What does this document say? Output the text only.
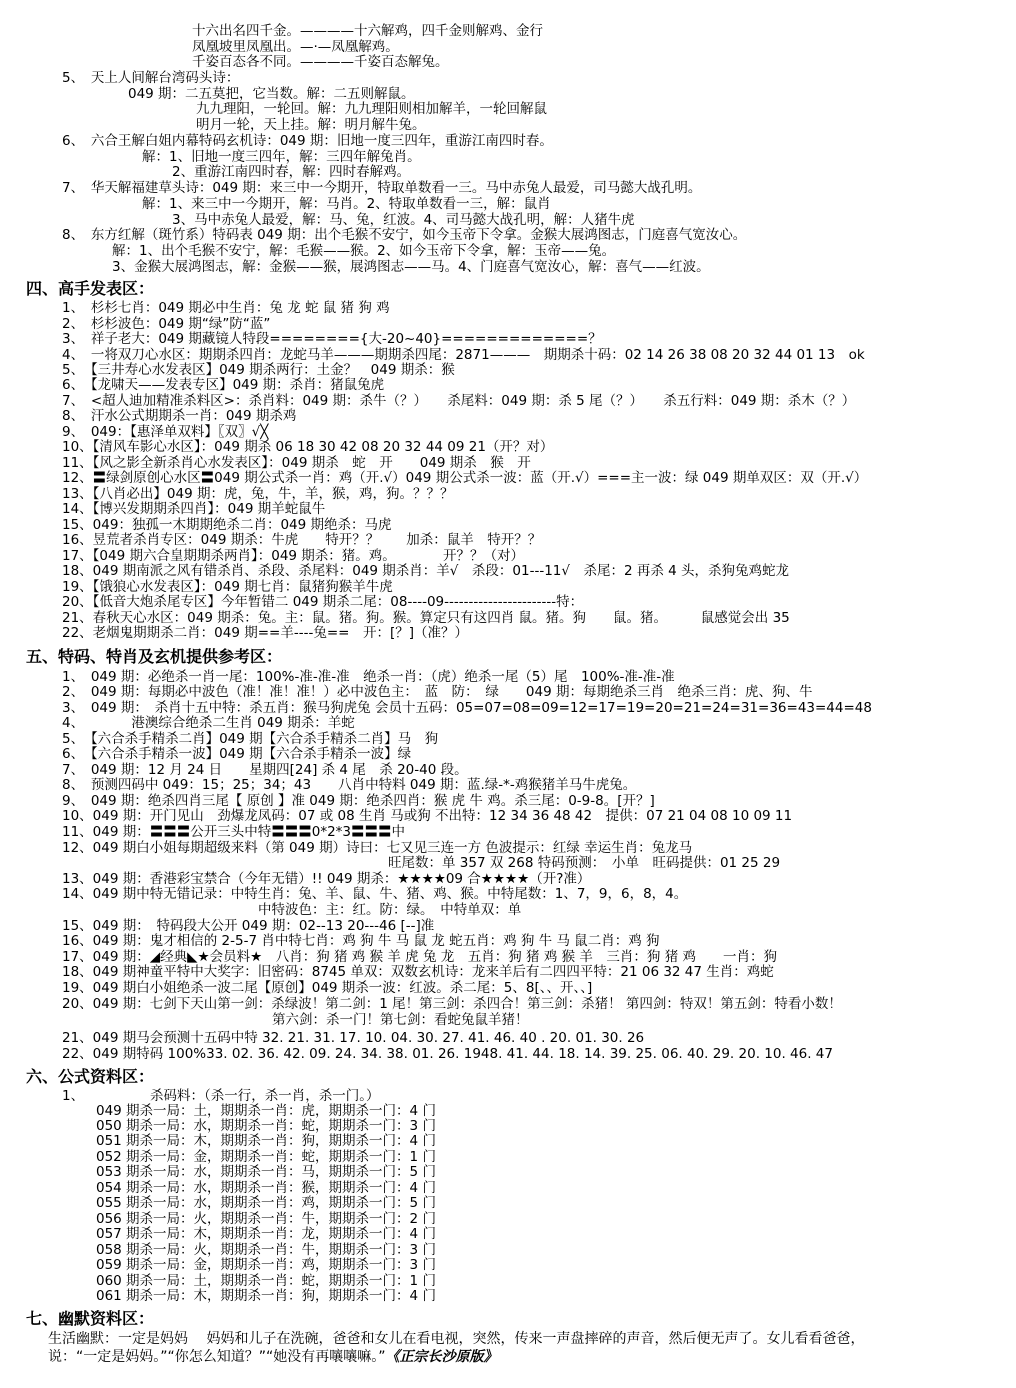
十六出名四千金。————十六解鸡，四千金则解鸡、金行
凤凰坡里凤凰出。—·—凤凰解鸡。
千姿百态各不同。————千姿百态解兔。
5、　天上人间解台湾码头诗：
049 期：二五莫把，它当数。解：二五则解鼠。
九九理阳，一轮回。解：九九理阳则相加解羊，一轮回解鼠
明月一轮，天上挂。解：明月解牛兔。
6、　六合王解白姐内幕特码玄机诗：049 期：旧地一度三四年，重游江南四时春。
解：1、旧地一度三四年，解：三四年解兔肖。
2、重游江南四时春，解：四时春解鸡。
7、　华天解福建草头诗：049 期：来三中一今期开，特取单数看一三。马中赤兔人最爱，司马懿大战孔明。
解：1、来三中一今期开，解：马肖。2、特取单数看一三，解：鼠肖
3、马中赤兔人最爱，解：马、兔，红波。4、司马懿大战孔明，解：人猪牛虎
8、　东方红解（斑竹系）特码表 049 期：出个毛猴不安宁，如今玉帝下令拿。金猴大展鸿图志，门庭喜气宽汝心。
解：1、出个毛猴不安宁，解：毛猴——猴。2、如今玉帝下令拿，解：玉帝——兔。
3、金猴大展鸿图志，解：金猴——猴，展鸿图志——马。4、门庭喜气宽汝心，解：喜气——红波。
四、高手发表区：
1、　杉杉七肖：049 期必中生肖：兔 龙 蛇 鼠 猪 狗 鸡
2、　杉杉波色：049 期“绿”防“蓝”
3、　祥子老大：049 期藏镜人特段========{大-20~40}=============？
4、　一将双刀心水区：期期杀四肖：龙蛇马羊———期期杀四尾：2871———　期期杀十码：02 14 26 38 08 20 32 44 01 13　ok
5、　【三井寿心水发表区】049 期杀两行：土金？　049 期杀：猴
6、　【龙啸天——发表专区】049 期：杀肖：猪鼠兔虎
7、　<超人迪加精准杀料区>：杀肖料：049 期：杀牛（？）　　杀尾料：049 期：杀 5 尾（？）　　杀五行料：049 期：杀木（？）
8、　汗水公式期期杀一肖：049 期杀鸡
9、　049：【惠泽单双料】〖双〗√╳
10、【清风车影心水区】：049 期杀 06 18 30 42 08 20 32 44 09 21（开？对）
11、【风之影全新杀肖心水发表区】：049 期杀　蛇　开　　049 期杀　猴　开
12、〓绿剑原创心水区〓049 期公式杀一肖：鸡（开.√）049 期公式杀一波：蓝（开.√）===主一波：绿 049 期单双区：双（开.√）
13、【八肖必出】049 期：虎，兔，牛，羊，猴，鸡，狗。？？？
14、【博兴发期期杀四肖】：049 期羊蛇鼠牛
15、049：独孤一木期期绝杀二肖：049 期绝杀：马虎
16、昱荒者杀肖专区：049 期杀：牛虎　　特开？？　　加杀：鼠羊　特开？？
17、【049 期六合皇期期杀两肖】：049 期杀：猪。鸡。　　　　开？？（对）
18、049 期南派之风有错杀肖、杀段、杀尾料：049 期杀肖：羊√　杀段：01---11√　杀尾：2 再杀 4 头，杀狗兔鸡蛇龙
19、【饿狼心水发表区】：049 期七肖：鼠猪狗猴羊牛虎
20、【低音大炮杀尾专区】今年暂错二 049 期杀二尾：08----09-----------------------特：
21、春秋天心水区：049 期杀：兔。主：鼠。猪。狗。猴。算定只有这四肖 鼠。猪。狗　　鼠。猪。　　　鼠感觉会出 35
22、老烟鬼期期杀二肖：049 期==羊----兔==　开：[？]（准？）
五、特码、特肖及玄机提供参考区：
1、　049 期：必绝杀一肖一尾：100%-准-准-准　绝杀一肖：（虎）绝杀一尾（5）尾　100%-准-准-准
2、　049 期：每期必中波色（准！准！准！）必中波色主：　蓝　防：　绿　　049 期：每期绝杀三肖　绝杀三肖：虎、狗、牛
3、　049 期：　杀肖十五中特：杀五肖：猴马狗虎兔 会员十五码：05=07=08=09=12=17=19=20=21=24=31=36=43=44=48
4、　　　　港澳综合绝杀二生肖 049 期杀：羊蛇
5、　【六合杀手精杀二肖】049 期【六合杀手精杀二肖】马　狗
6、　【六合杀手精杀一波】049 期【六合杀手精杀一波】绿
7、　049 期：12 月 24 日　　星期四[24] 杀 4 尾　杀 20-40 段。
8、　预测四码中 049：15；25；34；43　　八肖中特料 049 期：蓝.绿-*-鸡猴猪羊马牛虎兔。
9、　049 期：绝杀四肖三尾【 原创 】准 049 期：绝杀四肖：猴 虎 牛 鸡。杀三尾：0-9-8。[开？]
10、049 期：开门见山　劲爆龙凤码：07 或 08 生肖 马或狗 不出特：12 34 36 48 42　提供：07 21 04 08 10 09 11
11、049 期：〓〓〓公开三头中特〓〓〓0*2*3〓〓〓中
12、049 期白小姐每期超级来料（第 049 期）诗曰：七又见三连一方 色波提示：红绿 幸运生肖：兔龙马
旺尾数：单 357 双 268 特码预测：　小单　旺码提供：01 25 29
13、049 期：香港彩宝禁合（今年无错）!! 049 期杀：★★★★09 合★★★★（开?准）
14、049 期中特无错记录：中特生肖：兔、羊、鼠、牛、猪、鸡、猴。中特尾数：1、7，9，6，8，4。
中特波色：主：红。防：绿。　中特单双：单
15、049 期：　特码段大公开 049 期：02--13 20---46 [--]准
16、049 期：鬼才相信的 2-5-7 肖中特七肖：鸡 狗 牛 马 鼠 龙 蛇五肖：鸡 狗 牛 马 鼠二肖：鸡 狗
17、049 期：◢经典◣★会员料★　八肖：狗 猪 鸡 猴 羊 虎 兔 龙　五肖：狗 猪 鸡 猴 羊　三肖：狗 猪 鸡　　一肖：狗
18、049 期神童平特中大奖字：旧密码：8745 单双：双数玄机诗：龙来羊后有二四四平特：21 06 32 47 生肖：鸡蛇
19、049 期白小姐绝杀一波二尾【原创】049 期杀一波：红波。杀二尾：5、8[、、开、、]
20、049 期：七剑下天山第一剑：杀绿波！第二剑：1 尾！第三剑：杀四合！第三剑：杀猪！ 第四剑：特双！第五剑：特看小数！
第六剑：杀一门！第七剑：看蛇兔鼠羊猪！
21、049 期马会预测十五码中特 32. 21. 31. 17. 10. 04. 30. 27. 41. 46. 40 . 20. 01. 30. 26
22、049 期特码 100%33. 02. 36. 42. 09. 24. 34. 38. 01. 26. 1948. 41. 44. 18. 14. 39. 25. 06. 40. 29. 20. 10. 46. 47
六、公式资料区：
1、	杀码料：（杀一行，杀一肖，杀一门。）
049 期杀一局：土，期期杀一肖：虎，期期杀一门：4 门
050 期杀一局：水，期期杀一肖：蛇，期期杀一门：3 门
051 期杀一局：木，期期杀一肖：狗，期期杀一门：4 门
052 期杀一局：金，期期杀一肖：蛇，期期杀一门：1 门
053 期杀一局：水，期期杀一肖：马，期期杀一门：5 门
054 期杀一局：水，期期杀一肖：猴，期期杀一门：4 门
055 期杀一局：水，期期杀一肖：鸡，期期杀一门：5 门
056 期杀一局：火，期期杀一肖：牛，期期杀一门：2 门
057 期杀一局：木，期期杀一肖：龙，期期杀一门：4 门
058 期杀一局：火，期期杀一肖：牛，期期杀一门：3 门
059 期杀一局：金，期期杀一肖：鸡，期期杀一门：3 门
060 期杀一局：土，期期杀一肖：蛇，期期杀一门：1 门
061 期杀一局：木，期期杀一肖：狗，期期杀一门：4 门
七、幽默资料区：
生活幽默：一定是妈妈　 妈妈和儿子在洗碗，爸爸和女儿在看电视，突然，传来一声盘摔碎的声音，然后便无声了。女儿看看爸爸，
说：“一定是妈妈。”“你怎么知道？”“她没有再嚷嚷嘛。”《正宗长沙原版》
